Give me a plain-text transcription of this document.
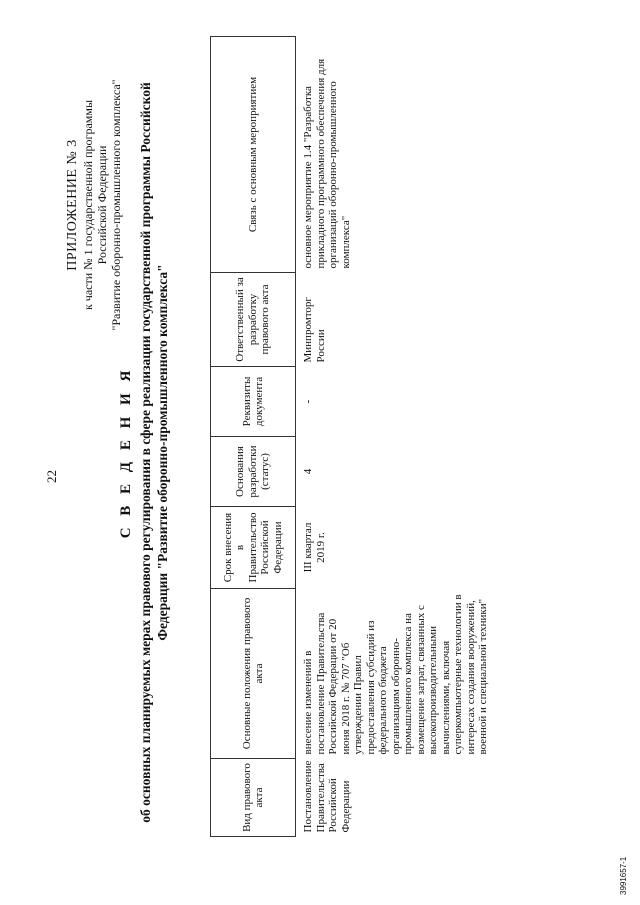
22
ПРИЛОЖЕНИЕ № 3 к части № 1 государственной программы Российской Федерации "Развитие оборонно-промышленного комплекса"
С В Е Д Е Н И Я об основных планируемых мерах правового регулирования в сфере реализации государственной программы Российской Федерации "Развитие оборонно-промышленного комплекса"
Вид правового акта	Основные положения правового акта	Срок внесения в Правительство Российской Федерации	Основания разработки (статус)	Реквизиты документа	Ответственный за разработку правового акта	Связь с основным мероприятием
Постановление Правительства Российской Федерации	внесение изменений в постановление Правительства Российской Федерации от 20 июня 2018 г. № 707 "Об утверждении Правил предоставления субсидий из федерального бюджета организациям оборонно-промышленного комплекса на возмещение затрат, связанных с высокопроизводительными вычислениями, включая суперкомпьютерные технологии в интересах создания вооружений, военной и специальной техники"	III квартал 2019 г.	4	-	Минпромторг России	основное мероприятие 1.4 "Разработка прикладного программного обеспечения для организаций оборонно-промышленного комплекса"
3991657-1
